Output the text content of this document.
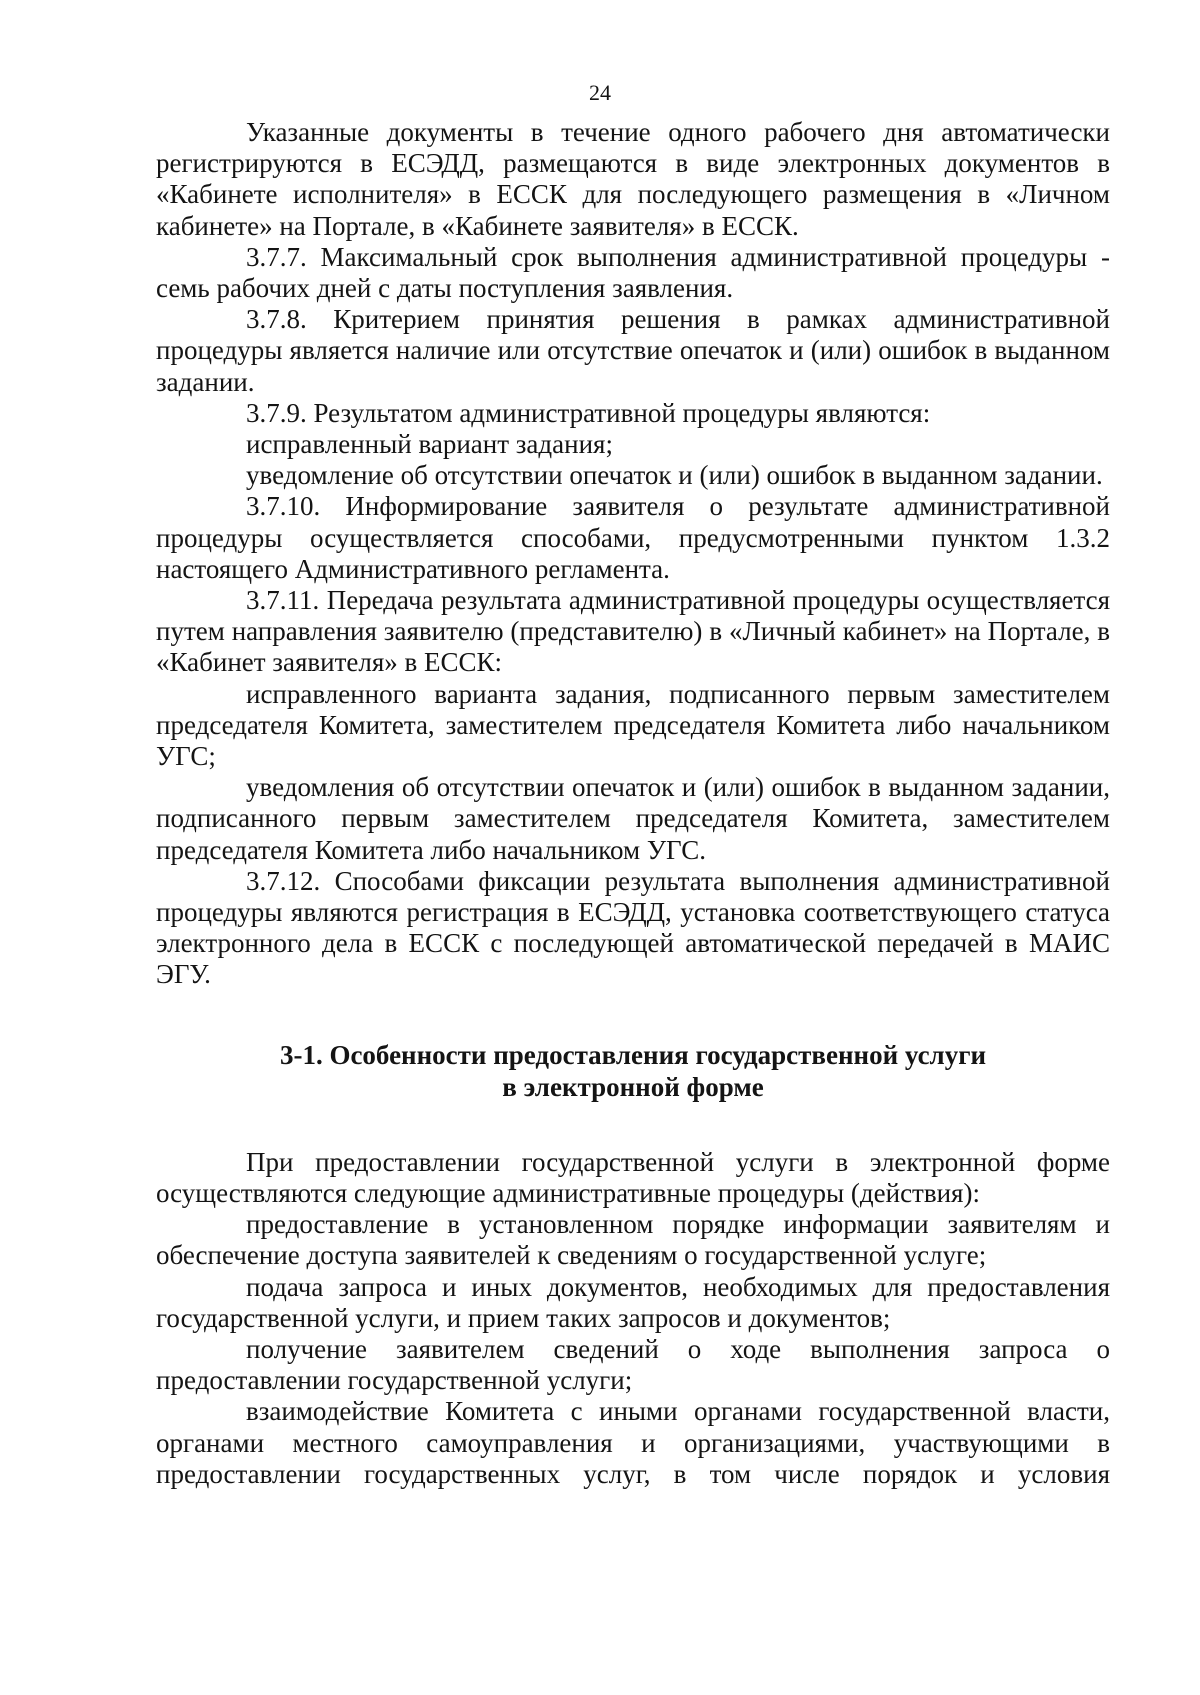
24

Указанные документы в течение одного рабочего дня автоматически регистрируются в ЕСЭДД, размещаются в виде электронных документов в «Кабинете исполнителя» в ЕССК для последующего размещения в «Личном кабинете» на Портале, в «Кабинете заявителя» в ЕССК.

3.7.7. Максимальный срок выполнения административной процедуры - семь рабочих дней с даты поступления заявления.

3.7.8. Критерием принятия решения в рамках административной процедуры является наличие или отсутствие опечаток и (или) ошибок в выданном задании.

3.7.9. Результатом административной процедуры являются:

исправленный вариант задания;

уведомление об отсутствии опечаток и (или) ошибок в выданном задании.

3.7.10. Информирование заявителя о результате административной процедуры осуществляется способами, предусмотренными пунктом 1.3.2 настоящего Административного регламента.

3.7.11. Передача результата административной процедуры осуществляется путем направления заявителю (представителю) в «Личный кабинет» на Портале, в «Кабинет заявителя» в ЕССК:

исправленного варианта задания, подписанного первым заместителем председателя Комитета, заместителем председателя Комитета либо начальником УГС;

уведомления об отсутствии опечаток и (или) ошибок в выданном задании, подписанного первым заместителем председателя Комитета, заместителем председателя Комитета либо начальником УГС.

3.7.12. Способами фиксации результата выполнения административной процедуры являются регистрация в ЕСЭДД, установка соответствующего статуса электронного дела в ЕССК с последующей автоматической передачей в МАИС ЭГУ.

3-1. Особенности предоставления государственной услуги
в электронной форме

При предоставлении государственной услуги в электронной форме осуществляются следующие административные процедуры (действия):

предоставление в установленном порядке информации заявителям и обеспечение доступа заявителей к сведениям о государственной услуге;

подача запроса и иных документов, необходимых для предоставления государственной услуги, и прием таких запросов и документов;

получение заявителем сведений о ходе выполнения запроса о предоставлении государственной услуги;

взаимодействие Комитета с иными органами государственной власти, органами местного самоуправления и организациями, участвующими в предоставлении государственных услуг, в том числе порядок и условия
